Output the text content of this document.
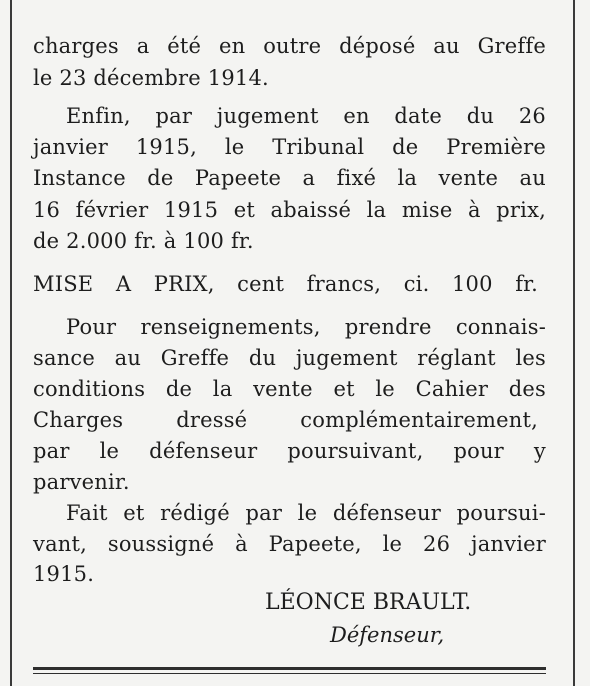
charges a été en outre déposé au Greffe
le 23 décembre 1914.
Enfin, par jugement en date du 26
janvier 1915, le Tribunal de Première
Instance de Papeete a fixé la vente au
16 février 1915 et abaissé la mise à prix,
de 2.000 fr. à 100 fr.
MISE A PRIX, cent francs, ci. 100 fr.
Pour renseignements, prendre connais-
sance au Greffe du jugement réglant les
conditions de la vente et le Cahier des
Charges dressé complémentairement,
par le défenseur poursuivant, pour y
parvenir.
Fait et rédigé par le défenseur poursui-
vant, soussigné à Papeete, le 26 janvier
1915.
LÉONCE BRAULT.
Défenseur,
